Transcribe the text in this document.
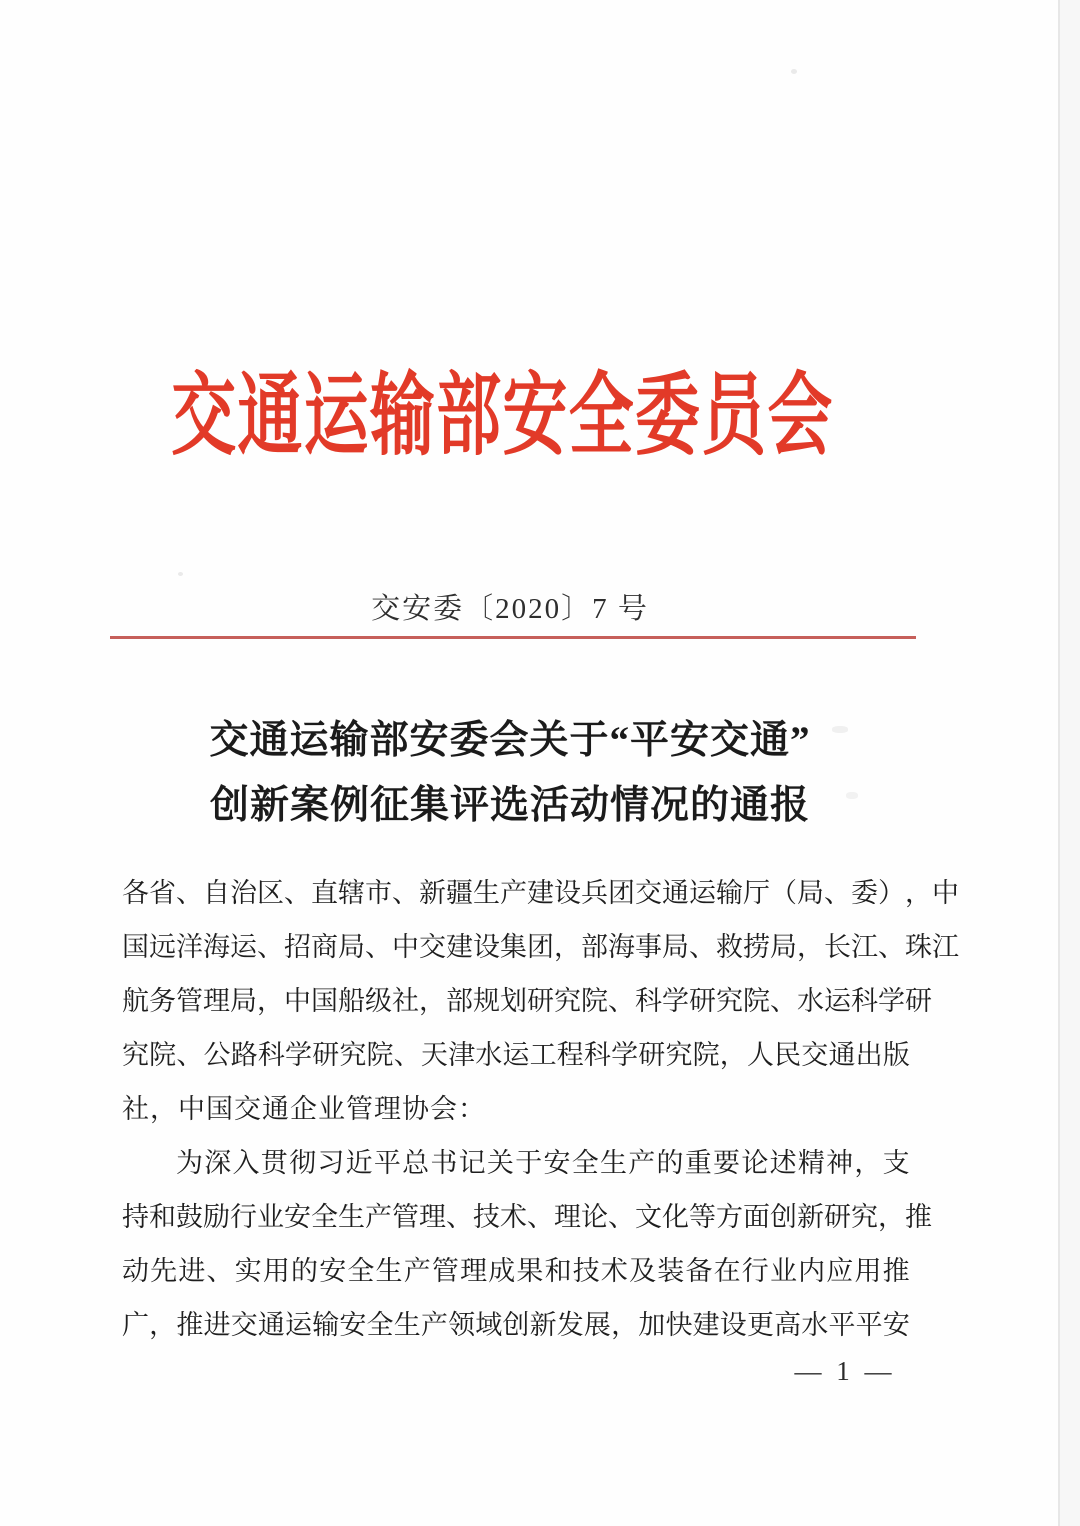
交通运输部安全委员会
交安委〔2020〕7 号
交通运输部安委会关于“平安交通”
创新案例征集评选活动情况的通报
各 省 、 自 治 区 、 直 辖 市 、 新 疆 生 产 建 设 兵 团 交 通 运 输 厅 （ 局 、 委 ） ， 中
国 远 洋 海 运 、 招 商 局 、 中 交 建 设 集 团 ， 部 海 事 局 、 救 捞 局 ， 长 江 、 珠 江
航 务 管 理 局 ， 中 国 船 级 社 ， 部 规 划 研 究 院 、 科 学 研 究 院 、 水 运 科 学 研
究 院 、 公 路 科 学 研 究 院 、 天 津 水 运 工 程 科 学 研 究 院 ， 人 民 交 通 出 版
社，中国交通企业管理协会：
为 深 入 贯 彻 习 近 平 总 书 记 关 于 安 全 生 产 的 重 要 论 述 精 神 ， 支
持 和 鼓 励 行 业 安 全 生 产 管 理 、 技 术 、 理 论 、 文 化 等 方 面 创 新 研 究 ， 推
动 先 进 、 实 用 的 安 全 生 产 管 理 成 果 和 技 术 及 装 备 在 行 业 内 应 用 推
广 ， 推 进 交 通 运 输 安 全 生 产 领 域 创 新 发 展 ， 加 快 建 设 更 高 水 平 平 安
— 1 —
